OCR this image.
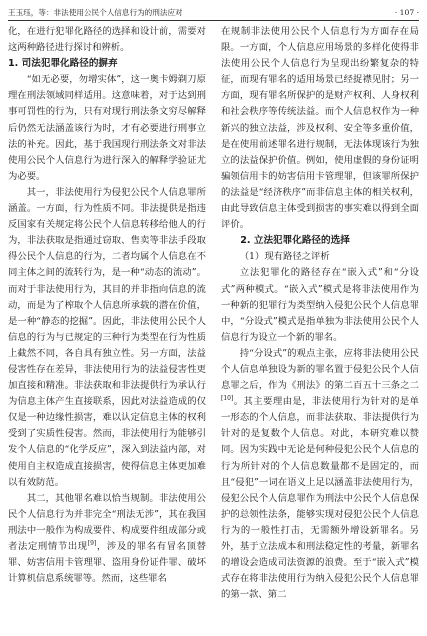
王玉珏，等：非法使用公民个人信息行为的刑法应对	· 107 ·

化，在进行犯罪化路径的选择和设计前，需要对这两种路径进行探讨和辨析。

1. 司法犯罪化路径的摒弃

“如无必要，勿增实体”，这一奥卡姆剃刀原理在刑法领域同样适用。这意味着，对于达到刑事可罚性的行为，只有对现行刑法条文穷尽解释后仍然无法涵盖该行为时，才有必要进行刑事立法的补充。因此，基于我国现行刑法条文对非法使用公民个人信息行为进行深入的解释学验证尤为必要。

其一，非法使用行为侵犯公民个人信息罪所涵盖。一方面，行为性质不同。非法提供是指违反国家有关规定将公民个人信息转移给他人的行为，非法获取是指通过窃取、售卖等非法手段取得公民个人信息的行为，二者均属个人信息在不同主体之间的流转行为，是一种“动态的流动”。而对于非法使用行为，其目的并非指向信息的流动，而是为了榨取个人信息所承载的潜在价值，是一种“静态的挖掘”。因此，非法使用公民个人信息的行为与已规定的三种行为类型在行为性质上截然不同，各自具有独立性。另一方面，法益侵害性存在差异，非法使用行为的法益侵害性更加直接和精准。非法获取和非法提供行为承认行为信息主体产生直接联系，因此对法益造成的仅仅是一种边缘性损害，难以认定信息主体的权利受到了实质性侵害。然而，非法使用行为能够引发个人信息的“化学反应”，深入到法益内部，对使用自主权造成直接损害，使得信息主体更加难以有效防范。

其二，其他罪名难以恰当规制。非法使用公民个人信息行为并非完全“刑法无涉”，其在我国刑法中一般作为构成要件、构成要件组成部分或者法定刑情节出现[9]，涉及的罪名有冒名顶替罪、妨害信用卡管理罪、盗用身份证件罪、破坏计算机信息系统罪等。然而，这些罪名

在规制非法使用公民个人信息行为方面存在局限。一方面，个人信息应用场景的多样化使得非法使用公民个人信息行为呈现出纷繁复杂的特征，而现有罪名的适用场景已经捉襟见肘；另一方面，现有罪名所保护的是财产权利、人身权利和社会秩序等传统法益。而个人信息权作为一种新兴的独立法益，涉及权利、安全等多重价值，是在使用前述罪名进行规制，无法体现该行为独立的法益保护价值。例如，使用虚假的身份证明骗领信用卡的妨害信用卡管理罪，但该罪所保护的法益是“经济秩序”而非信息主体的相关权利，由此导致信息主体受到损害的事实难以得到全面评价。

2. 立法犯罪化路径的选择
（1）现有路径之评析

立法犯罪化的路径存在“嵌入式”和“分设式”两种模式。“嵌入式”模式是将非法使用作为一种新的犯罪行为类型纳入侵犯公民个人信息罪中，“分设式”模式是指单独为非法使用公民个人信息行为设立一个新的罪名。

持“分设式”的观点主张，应将非法使用公民个人信息单独设为新的罪名置于侵犯公民个人信息罪之后，作为《刑法》的第二百五十三条之二[10]。其主要理由是，非法使用行为针对的是单一形态的个人信息，而非法获取、非法提供行为针对的是复数个人信息。对此，本研究难以赞同。因为实践中无论是何种侵犯公民个人信息的行为所针对的个人信息数量都不是固定的，而且“侵犯”一词在语义上足以涵盖非法使用行为，侵犯公民个人信息罪作为刑法中公民个人信息保护的总领性法条，能够实现对侵犯公民个人信息行为的一般性打击，无需额外增设新罪名。另外，基于立法成本和刑法稳定性的考量，新罪名的增设会造成司法资源的浪费。至于“嵌入式”模式存在将非法使用行为纳入侵犯公民个人信息罪的第一款、第二
